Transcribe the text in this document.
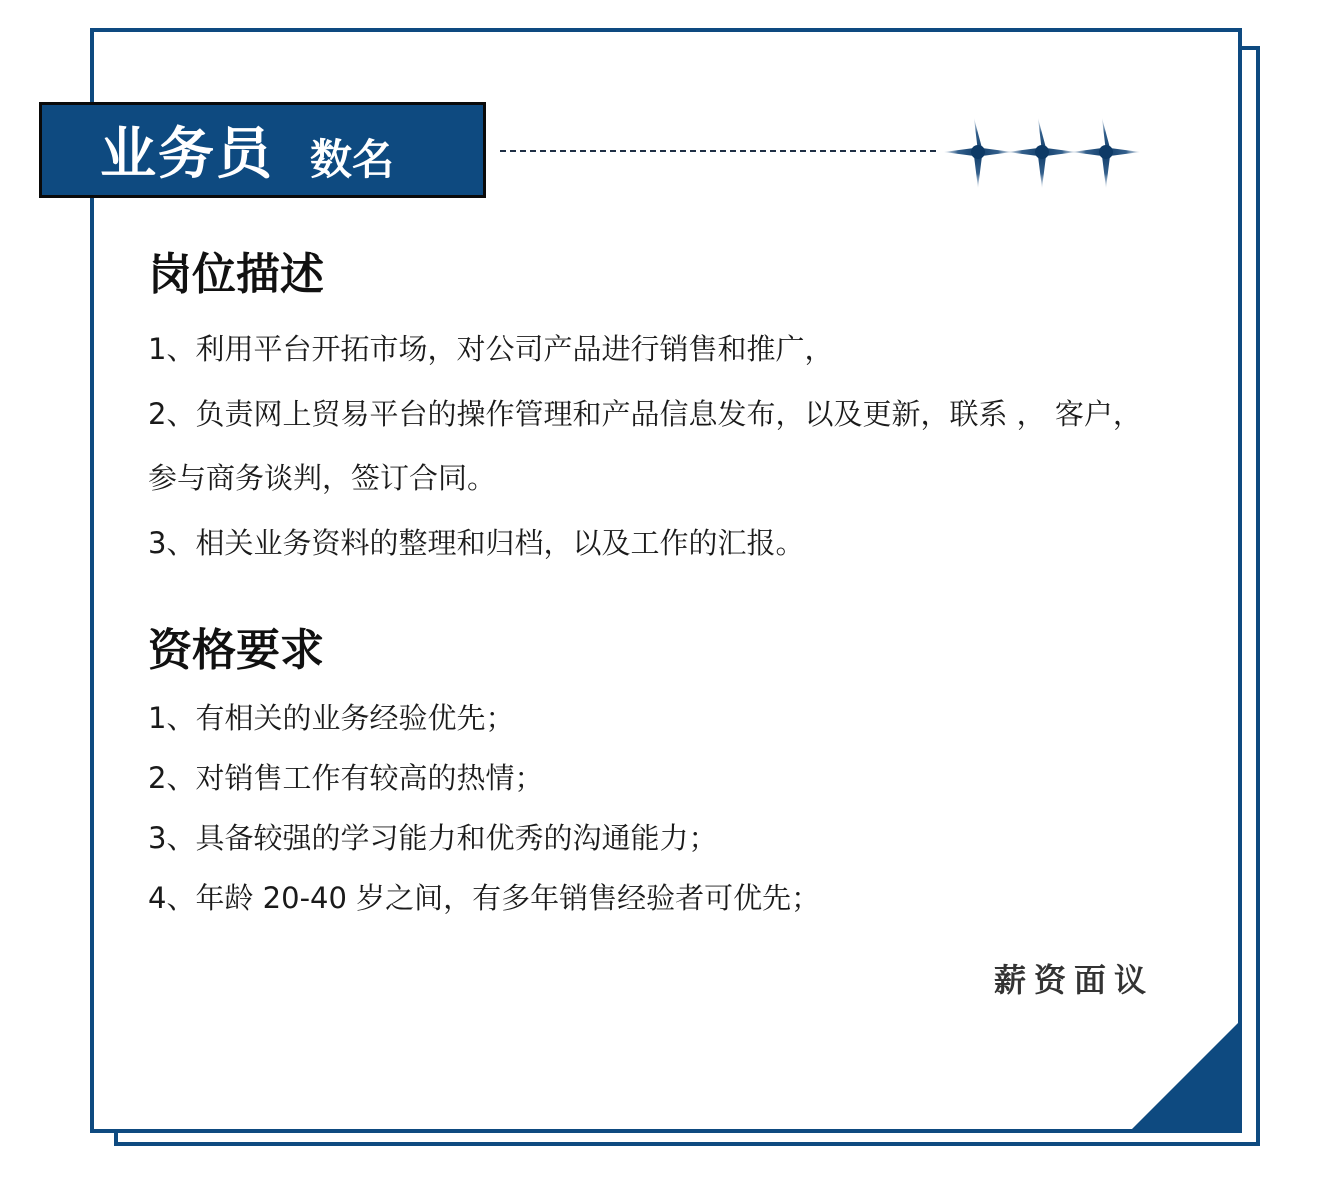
业务员 数名
岗位描述
1、利用平台开拓市场，对公司产品进行销售和推广，
2、负责网上贸易平台的操作管理和产品信息发布，以及更新，联系 ， 客户，
参与商务谈判，签订合同。
3、相关业务资料的整理和归档，以及工作的汇报。
资格要求
1、有相关的业务经验优先；
2、对销售工作有较高的热情；
3、具备较强的学习能力和优秀的沟通能力；
4、年龄 20-40 岁之间，有多年销售经验者可优先；
薪资面议
